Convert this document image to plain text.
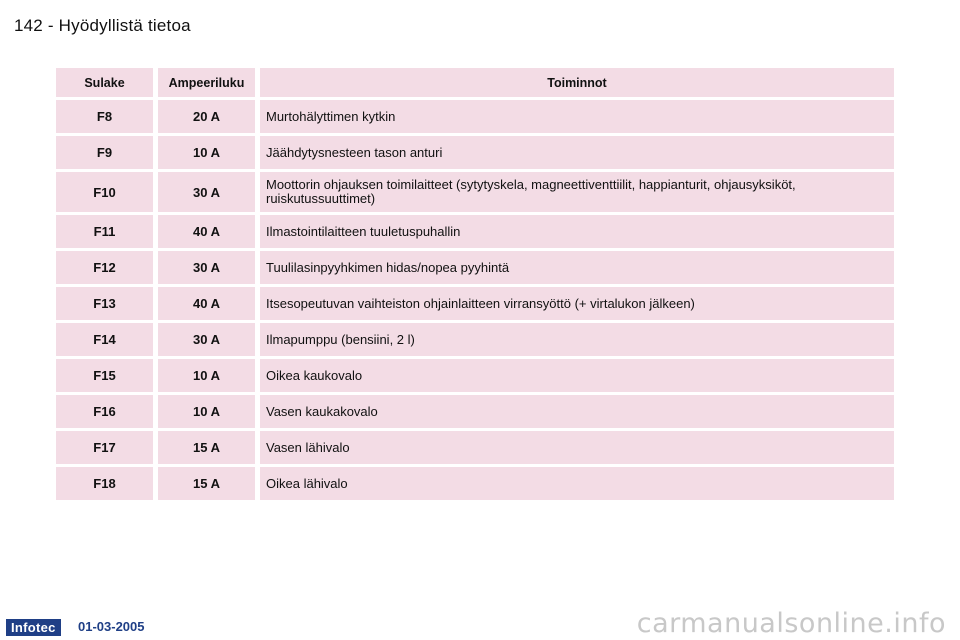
142 - Hyödyllistä tietoa
Sulake	Ampeeriluku	Toiminnot
F8	20 A	Murtohälyttimen kytkin
F9	10 A	Jäähdytysnesteen tason anturi
F10	30 A	Moottorin ohjauksen toimilaitteet (sytytyskela, magneettiventtiilit, happianturit, ohjausyksiköt, ruiskutussuuttimet)
F11	40 A	Ilmastointilaitteen tuuletuspuhallin
F12	30 A	Tuulilasinpyyhkimen hidas/nopea pyyhintä
F13	40 A	Itsesopeutuvan vaihteiston ohjainlaitteen virransyöttö (+ virtalukon jälkeen)
F14	30 A	Ilmapumppu (bensiini, 2 l)
F15	10 A	Oikea kaukovalo
F16	10 A	Vasen kaukakovalo
F17	15 A	Vasen lähivalo
F18	15 A	Oikea lähivalo
Infotec	01-03-2005	carmanualsonline.info
